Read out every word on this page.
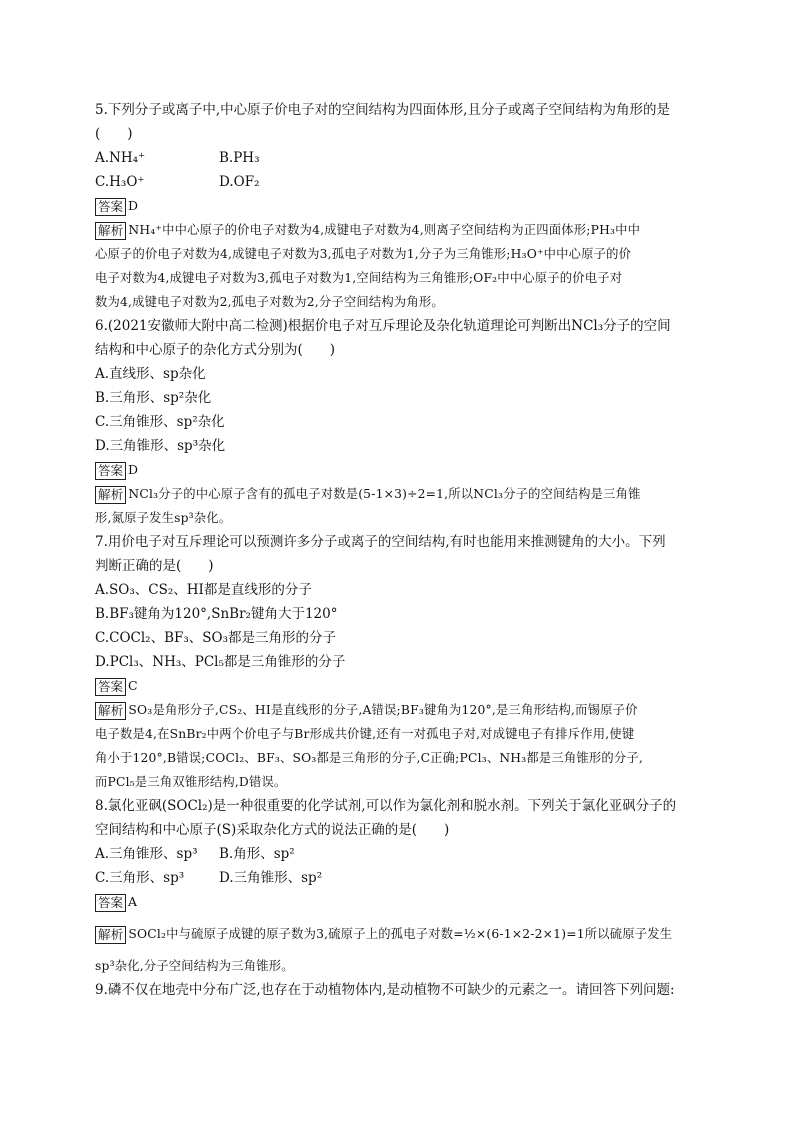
5.下列分子或离子中,中心原子价电子对的空间结构为四面体形,且分子或离子空间结构为角形的是
(　　)
A.NH₄⁺	B.PH₃
C.H₃O⁺	D.OF₂
答案 D
解析 NH₄⁺中中心原子的价电子对数为4,成键电子对数为4,则离子空间结构为正四面体形;PH₃中中
心原子的价电子对数为4,成键电子对数为3,孤电子对数为1,分子为三角锥形;H₃O⁺中中心原子的价
电子对数为4,成键电子对数为3,孤电子对数为1,空间结构为三角锥形;OF₂中中心原子的价电子对
数为4,成键电子对数为2,孤电子对数为2,分子空间结构为角形。
6.(2021安徽师大附中高二检测)根据价电子对互斥理论及杂化轨道理论可判断出NCl₃分子的空间
结构和中心原子的杂化方式分别为(　　)
A.直线形、sp杂化
B.三角形、sp²杂化
C.三角锥形、sp²杂化
D.三角锥形、sp³杂化
答案 D
解析 NCl₃分子的中心原子含有的孤电子对数是(5-1×3)÷2=1,所以NCl₃分子的空间结构是三角锥
形,氮原子发生sp³杂化。
7.用价电子对互斥理论可以预测许多分子或离子的空间结构,有时也能用来推测键角的大小。下列
判断正确的是(　　)
A.SO₃、CS₂、HI都是直线形的分子
B.BF₃键角为120°,SnBr₂键角大于120°
C.COCl₂、BF₃、SO₃都是三角形的分子
D.PCl₃、NH₃、PCl₅都是三角锥形的分子
答案 C
解析 SO₃是角形分子,CS₂、HI是直线形的分子,A错误;BF₃键角为120°,是三角形结构,而锡原子价
电子数是4,在SnBr₂中两个价电子与Br形成共价键,还有一对孤电子对,对成键电子有排斥作用,使键
角小于120°,B错误;COCl₂、BF₃、SO₃都是三角形的分子,C正确;PCl₃、NH₃都是三角锥形的分子,
而PCl₅是三角双锥形结构,D错误。
8.氯化亚砜(SOCl₂)是一种很重要的化学试剂,可以作为氯化剂和脱水剂。下列关于氯化亚砜分子的
空间结构和中心原子(S)采取杂化方式的说法正确的是(　　)
A.三角锥形、sp³	B.角形、sp²
C.三角形、sp³	D.三角锥形、sp²
答案 A
解析 SOCl₂中与硫原子成键的原子数为3,硫原子上的孤电子对数=½×(6-1×2-2×1)=1所以硫原子发生
sp³杂化,分子空间结构为三角锥形。
9.磷不仅在地壳中分布广泛,也存在于动植物体内,是动植物不可缺少的元素之一。请回答下列问题:
